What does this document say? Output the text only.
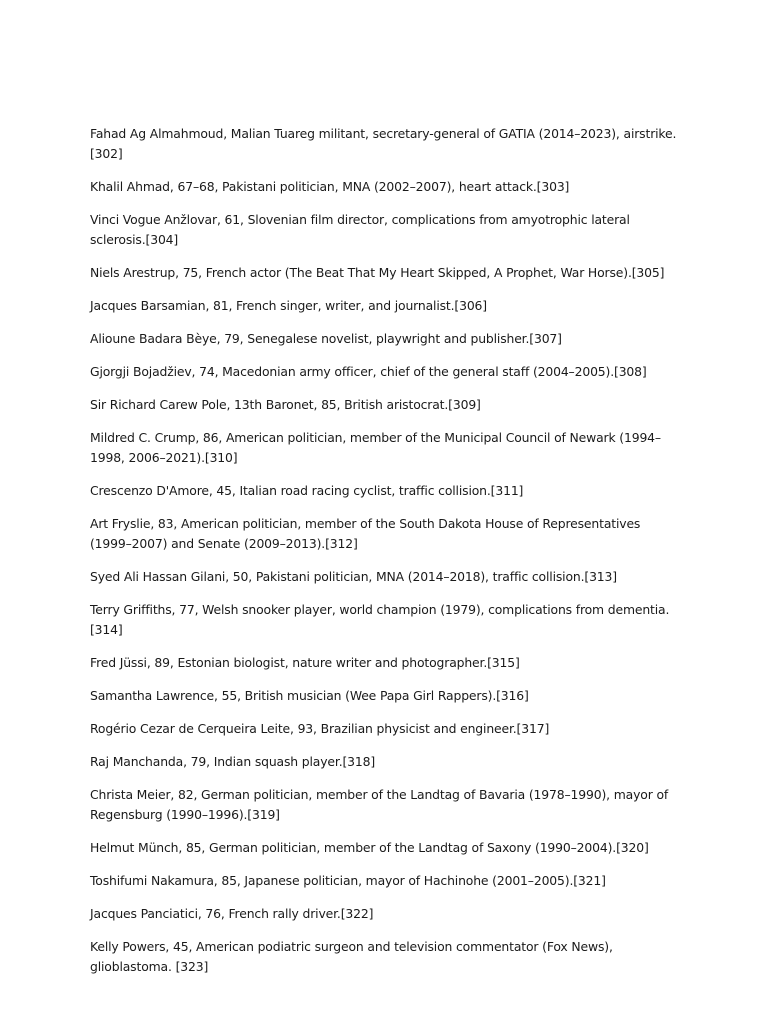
Fahad Ag Almahmoud, Malian Tuareg militant, secretary-general of GATIA (2014–2023), airstrike.[302]

Khalil Ahmad, 67–68, Pakistani politician, MNA (2002–2007), heart attack.[303]

Vinci Vogue Anžlovar, 61, Slovenian film director, complications from amyotrophic lateral sclerosis.[304]

Niels Arestrup, 75, French actor (The Beat That My Heart Skipped, A Prophet, War Horse).[305]

Jacques Barsamian, 81, French singer, writer, and journalist.[306]

Alioune Badara Bèye, 79, Senegalese novelist, playwright and publisher.[307]

Gjorgji Bojadžiev, 74, Macedonian army officer, chief of the general staff (2004–2005).[308]

Sir Richard Carew Pole, 13th Baronet, 85, British aristocrat.[309]

Mildred C. Crump, 86, American politician, member of the Municipal Council of Newark (1994–1998, 2006–2021).[310]

Crescenzo D'Amore, 45, Italian road racing cyclist, traffic collision.[311]

Art Fryslie, 83, American politician, member of the South Dakota House of Representatives (1999–2007) and Senate (2009–2013).[312]

Syed Ali Hassan Gilani, 50, Pakistani politician, MNA (2014–2018), traffic collision.[313]

Terry Griffiths, 77, Welsh snooker player, world champion (1979), complications from dementia.[314]

Fred Jüssi, 89, Estonian biologist, nature writer and photographer.[315]

Samantha Lawrence, 55, British musician (Wee Papa Girl Rappers).[316]

Rogério Cezar de Cerqueira Leite, 93, Brazilian physicist and engineer.[317]

Raj Manchanda, 79, Indian squash player.[318]

Christa Meier, 82, German politician, member of the Landtag of Bavaria (1978–1990), mayor of Regensburg (1990–1996).[319]

Helmut Münch, 85, German politician, member of the Landtag of Saxony (1990–2004).[320]

Toshifumi Nakamura, 85, Japanese politician, mayor of Hachinohe (2001–2005).[321]

Jacques Panciatici, 76, French rally driver.[322]

Kelly Powers, 45, American podiatric surgeon and television commentator (Fox News), glioblastoma. [323]
